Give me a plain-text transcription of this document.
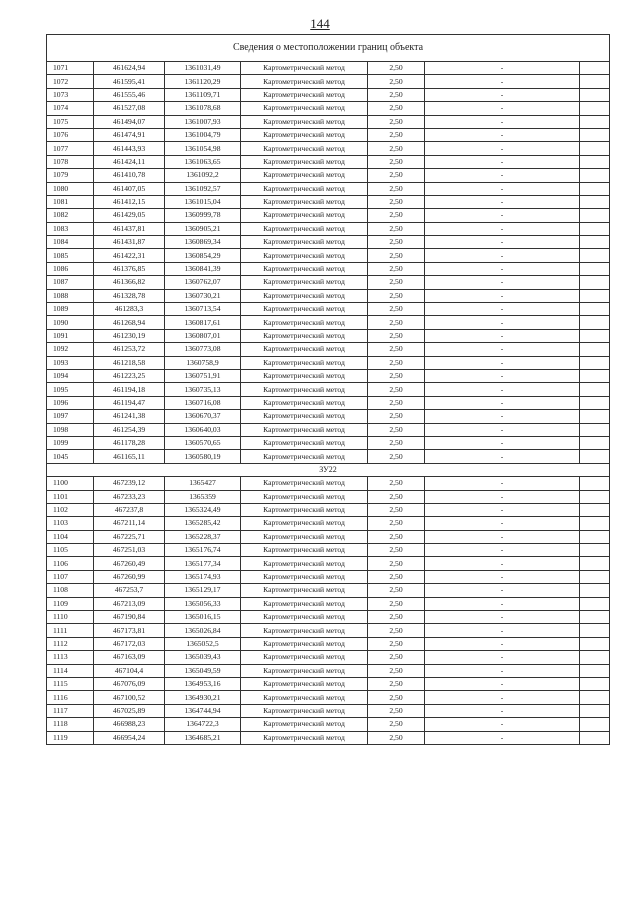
144
Сведения о местоположении границ объекта						
1071	461624,94	1361031,49	Картометрический метод	2,50	-	
1072	461595,41	1361120,29	Картометрический метод	2,50	-	
1073	461555,46	1361109,71	Картометрический метод	2,50	-	
1074	461527,08	1361078,68	Картометрический метод	2,50	-	
1075	461494,07	1361007,93	Картометрический метод	2,50	-	
1076	461474,91	1361004,79	Картометрический метод	2,50	-	
1077	461443,93	1361054,98	Картометрический метод	2,50	-	
1078	461424,11	1361063,65	Картометрический метод	2,50	-	
1079	461410,78	1361092,2	Картометрический метод	2,50	-	
1080	461407,05	1361092,57	Картометрический метод	2,50	-	
1081	461412,15	1361015,04	Картометрический метод	2,50	-	
1082	461429,05	1360999,78	Картометрический метод	2,50	-	
1083	461437,81	1360905,21	Картометрический метод	2,50	-	
1084	461431,87	1360869,34	Картометрический метод	2,50	-	
1085	461422,31	1360854,29	Картометрический метод	2,50	-	
1086	461376,85	1360841,39	Картометрический метод	2,50	-	
1087	461366,82	1360762,07	Картометрический метод	2,50	-	
1088	461328,78	1360730,21	Картометрический метод	2,50	-	
1089	461283,3	1360713,54	Картометрический метод	2,50	-	
1090	461268,94	1360817,61	Картометрический метод	2,50	-	
1091	461230,19	1360807,01	Картометрический метод	2,50	-	
1092	461253,72	1360773,08	Картометрический метод	2,50	-	
1093	461218,58	1360758,9	Картометрический метод	2,50	-	
1094	461223,25	1360751,91	Картометрический метод	2,50	-	
1095	461194,18	1360735,13	Картометрический метод	2,50	-	
1096	461194,47	1360716,08	Картометрический метод	2,50	-	
1097	461241,38	1360670,37	Картометрический метод	2,50	-	
1098	461254,39	1360640,03	Картометрический метод	2,50	-	
1099	461178,28	1360570,65	Картометрический метод	2,50	-	
1045	461165,11	1360580,19	Картометрический метод	2,50	-	
ЗУ22						
1100	467239,12	1365427	Картометрический метод	2,50	-	
1101	467233,23	1365359	Картометрический метод	2,50	-	
1102	467237,8	1365324,49	Картометрический метод	2,50	-	
1103	467211,14	1365285,42	Картометрический метод	2,50	-	
1104	467225,71	1365228,37	Картометрический метод	2,50	-	
1105	467251,03	1365176,74	Картометрический метод	2,50	-	
1106	467260,49	1365177,34	Картометрический метод	2,50	-	
1107	467260,99	1365174,93	Картометрический метод	2,50	-	
1108	467253,7	1365129,17	Картометрический метод	2,50	-	
1109	467213,09	1365056,33	Картометрический метод	2,50	-	
1110	467190,84	1365016,15	Картометрический метод	2,50	-	
1111	467173,81	1365026,84	Картометрический метод	2,50	-	
1112	467172,03	1365052,5	Картометрический метод	2,50	-	
1113	467163,09	1365039,43	Картометрический метод	2,50	-	
1114	467104,4	1365049,59	Картометрический метод	2,50	-	
1115	467076,09	1364953,16	Картометрический метод	2,50	-	
1116	467100,52	1364930,21	Картометрический метод	2,50	-	
1117	467025,89	1364744,94	Картометрический метод	2,50	-	
1118	466988,23	1364722,3	Картометрический метод	2,50	-	
1119	466954,24	1364685,21	Картометрический метод	2,50	-	
